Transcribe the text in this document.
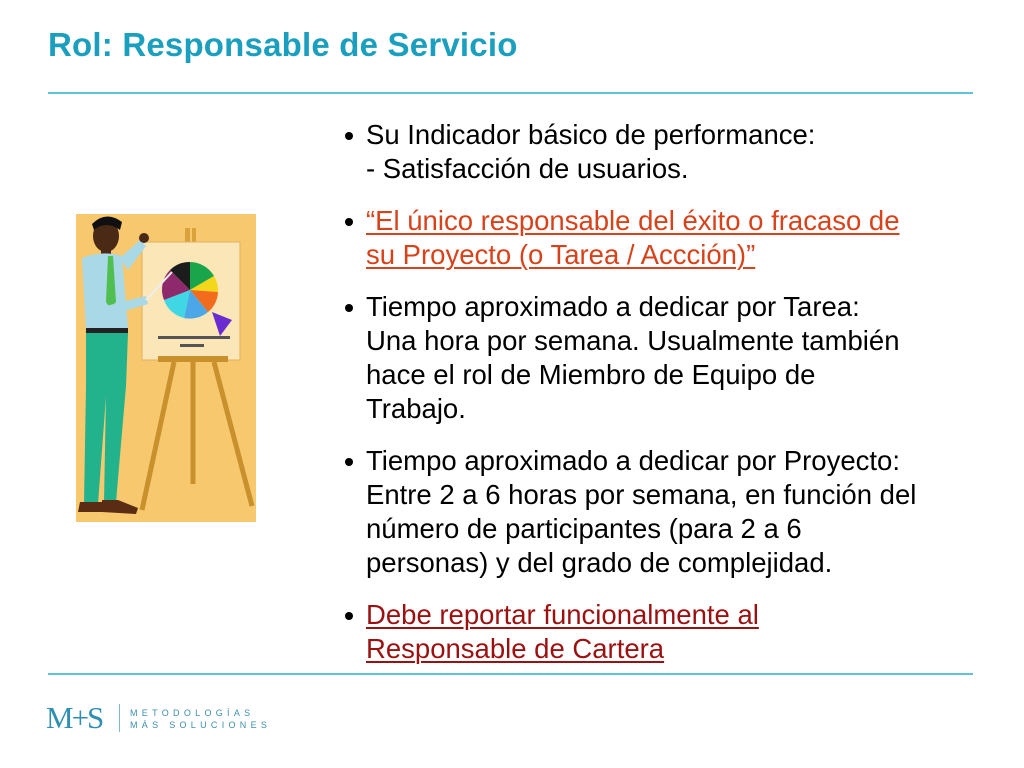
Rol: Responsable de Servicio
Su Indicador básico de performance:
- Satisfacción de usuarios.
“El único responsable del éxito o fracaso de
su Proyecto (o Tarea / Accción)”
Tiempo aproximado a dedicar por Tarea:
Una hora por semana. Usualmente también
hace el rol de Miembro de Equipo de
Trabajo.
Tiempo aproximado a dedicar por Proyecto:
Entre 2 a 6 horas por semana, en función del
número de participantes (para 2 a 6
personas) y del grado de complejidad.
Debe reportar funcionalmente al
Responsable de Cartera
M+S	METODOLOGÍAS
MÁS SOLUCIONES
